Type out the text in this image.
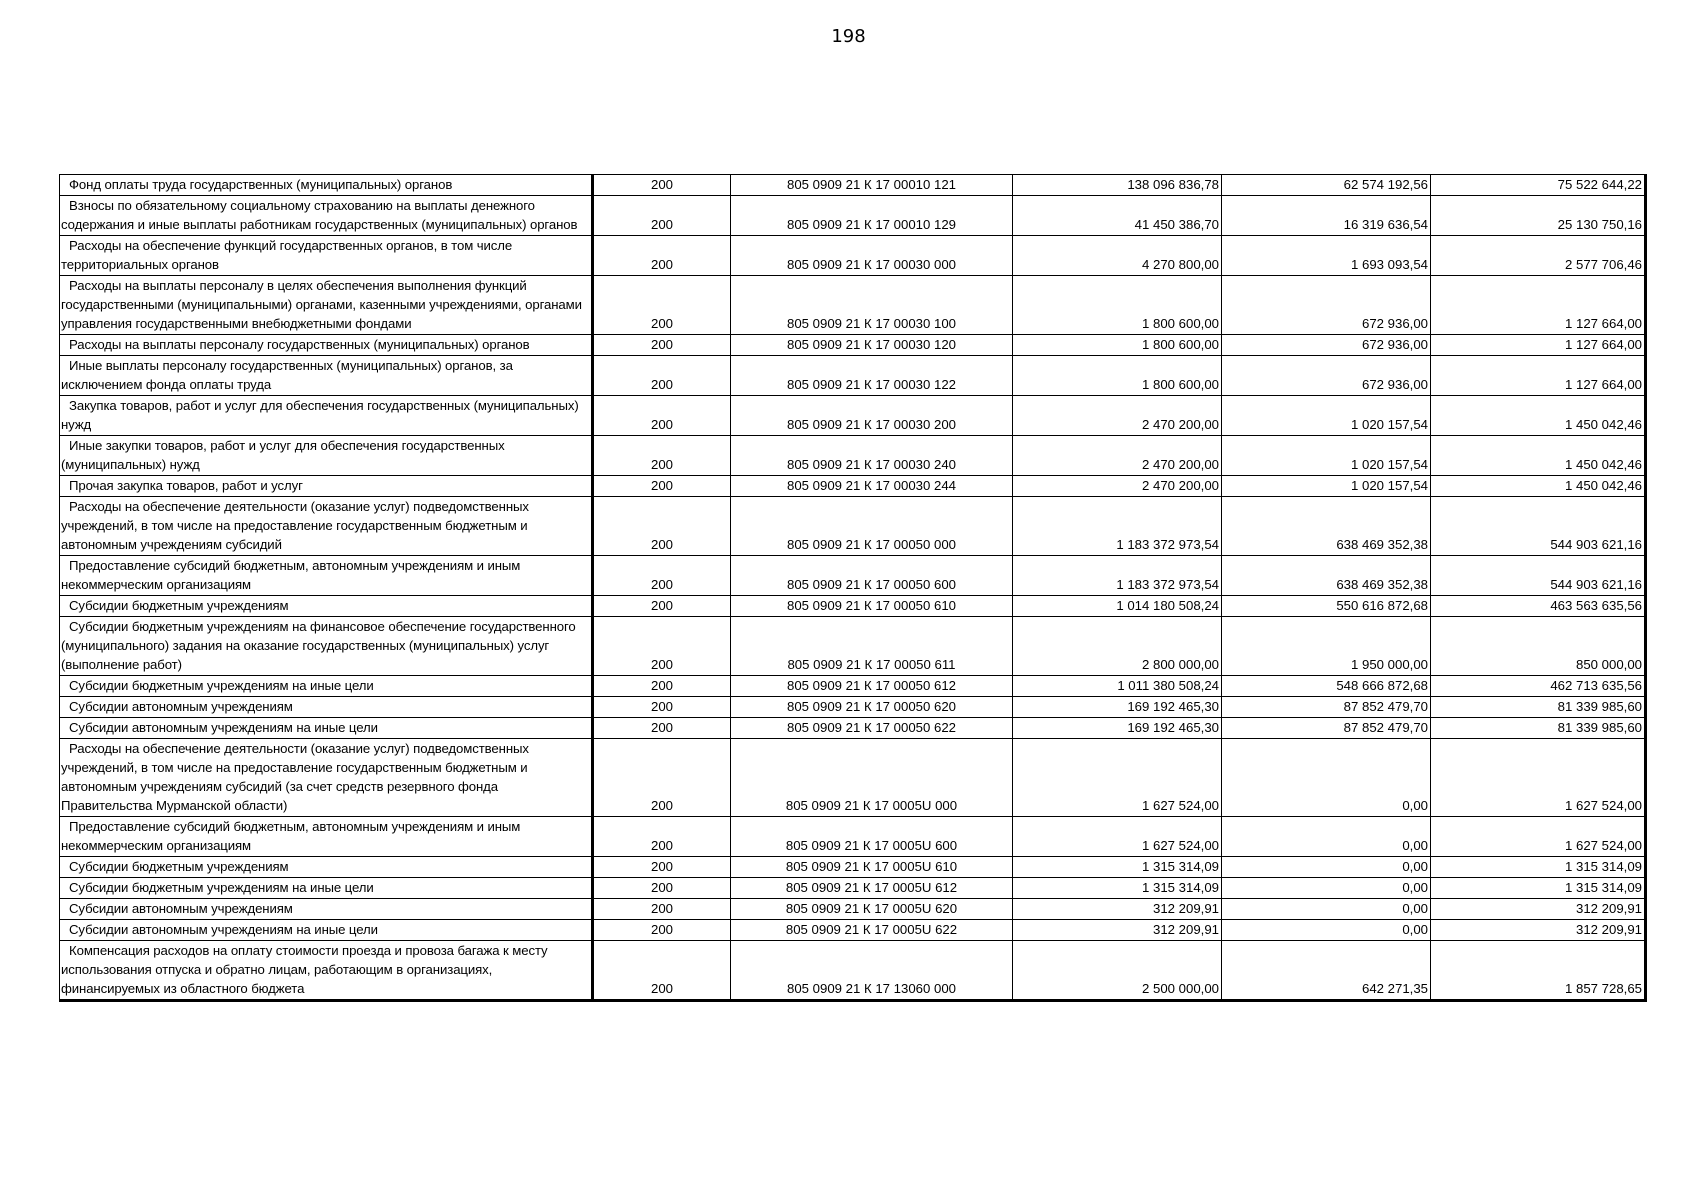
198
Фонд оплаты труда государственных (муниципальных) органов	200	805 0909 21 К 17 00010 121	138 096 836,78	62 574 192,56	75 522 644,22
Взносы по обязательному социальному страхованию на выплаты денежного содержания и иные выплаты работникам государственных (муниципальных) органов	200	805 0909 21 К 17 00010 129	41 450 386,70	16 319 636,54	25 130 750,16
Расходы на обеспечение функций государственных органов, в том числе территориальных органов	200	805 0909 21 К 17 00030 000	4 270 800,00	1 693 093,54	2 577 706,46
Расходы на выплаты персоналу в целях обеспечения выполнения функций государственными (муниципальными) органами, казенными учреждениями, органами управления государственными внебюджетными фондами	200	805 0909 21 К 17 00030 100	1 800 600,00	672 936,00	1 127 664,00
Расходы на выплаты персоналу государственных (муниципальных) органов	200	805 0909 21 К 17 00030 120	1 800 600,00	672 936,00	1 127 664,00
Иные выплаты персоналу государственных (муниципальных) органов, за исключением фонда оплаты труда	200	805 0909 21 К 17 00030 122	1 800 600,00	672 936,00	1 127 664,00
Закупка товаров, работ и услуг для обеспечения государственных (муниципальных) нужд	200	805 0909 21 К 17 00030 200	2 470 200,00	1 020 157,54	1 450 042,46
Иные закупки товаров, работ и услуг для обеспечения государственных (муниципальных) нужд	200	805 0909 21 К 17 00030 240	2 470 200,00	1 020 157,54	1 450 042,46
Прочая закупка товаров, работ и услуг	200	805 0909 21 К 17 00030 244	2 470 200,00	1 020 157,54	1 450 042,46
Расходы на обеспечение деятельности (оказание услуг) подведомственных учреждений, в том числе на предоставление государственным бюджетным и автономным учреждениям субсидий	200	805 0909 21 К 17 00050 000	1 183 372 973,54	638 469 352,38	544 903 621,16
Предоставление субсидий бюджетным, автономным учреждениям и иным некоммерческим организациям	200	805 0909 21 К 17 00050 600	1 183 372 973,54	638 469 352,38	544 903 621,16
Субсидии бюджетным учреждениям	200	805 0909 21 К 17 00050 610	1 014 180 508,24	550 616 872,68	463 563 635,56
Субсидии бюджетным учреждениям на финансовое обеспечение государственного (муниципального) задания на оказание государственных (муниципальных) услуг (выполнение работ)	200	805 0909 21 К 17 00050 611	2 800 000,00	1 950 000,00	850 000,00
Субсидии бюджетным учреждениям на иные цели	200	805 0909 21 К 17 00050 612	1 011 380 508,24	548 666 872,68	462 713 635,56
Субсидии автономным учреждениям	200	805 0909 21 К 17 00050 620	169 192 465,30	87 852 479,70	81 339 985,60
Субсидии автономным учреждениям на иные цели	200	805 0909 21 К 17 00050 622	169 192 465,30	87 852 479,70	81 339 985,60
Расходы на обеспечение деятельности (оказание услуг) подведомственных учреждений, в том числе на предоставление государственным бюджетным и автономным учреждениям субсидий (за счет средств резервного фонда Правительства Мурманской области)	200	805 0909 21 К 17 0005U 000	1 627 524,00	0,00	1 627 524,00
Предоставление субсидий бюджетным, автономным учреждениям и иным некоммерческим организациям	200	805 0909 21 К 17 0005U 600	1 627 524,00	0,00	1 627 524,00
Субсидии бюджетным учреждениям	200	805 0909 21 К 17 0005U 610	1 315 314,09	0,00	1 315 314,09
Субсидии бюджетным учреждениям на иные цели	200	805 0909 21 К 17 0005U 612	1 315 314,09	0,00	1 315 314,09
Субсидии автономным учреждениям	200	805 0909 21 К 17 0005U 620	312 209,91	0,00	312 209,91
Субсидии автономным учреждениям на иные цели	200	805 0909 21 К 17 0005U 622	312 209,91	0,00	312 209,91
Компенсация расходов на оплату стоимости проезда и провоза багажа к месту использования отпуска и обратно лицам, работающим в организациях, финансируемых из областного бюджета	200	805 0909 21 К 17 13060 000	2 500 000,00	642 271,35	1 857 728,65
